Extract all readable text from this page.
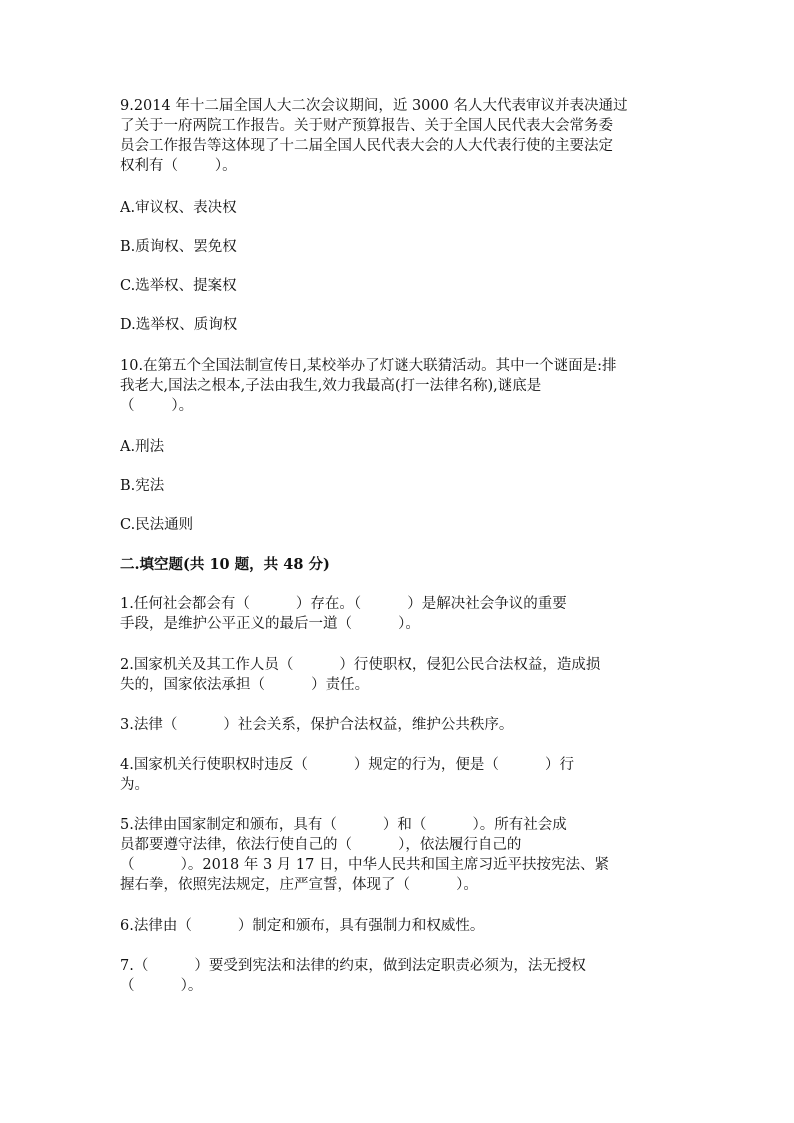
9.2014 年十二届全国人大二次会议期间，近 3000 名人大代表审议并表决通过
了关于一府两院工作报告。关于财产预算报告、关于全国人民代表大会常务委
员会工作报告等这体现了十二届全国人民代表大会的人大代表行使的主要法定
权利有（        ）。
A.审议权、表决权
B.质询权、罢免权
C.选举权、提案权
D.选举权、质询权
10.在第五个全国法制宣传日,某校举办了灯谜大联猜活动。其中一个谜面是:排
我老大,国法之根本,子法由我生,效力我最高(打一法律名称),谜底是
（        ）。
A.刑法
B.宪法
C.民法通则
二.填空题(共 10 题，共 48 分)
1.任何社会都会有（          ）存在。（          ）是解决社会争议的重要
手段，是维护公平正义的最后一道（          ）。
2.国家机关及其工作人员（          ）行使职权，侵犯公民合法权益，造成损
失的，国家依法承担（          ）责任。
3.法律（          ）社会关系，保护合法权益，维护公共秩序。
4.国家机关行使职权时违反（          ）规定的行为，便是（          ）行
为。
5.法律由国家制定和颁布，具有（          ）和（          ）。所有社会成
员都要遵守法律，依法行使自己的（          ），依法履行自己的
（          ）。2018 年 3 月 17 日，中华人民共和国主席习近平扶按宪法、紧
握右拳，依照宪法规定，庄严宣誓，体现了（          ）。
6.法律由（          ）制定和颁布，具有强制力和权威性。
7.（          ）要受到宪法和法律的约束，做到法定职责必须为，法无授权
（          ）。
